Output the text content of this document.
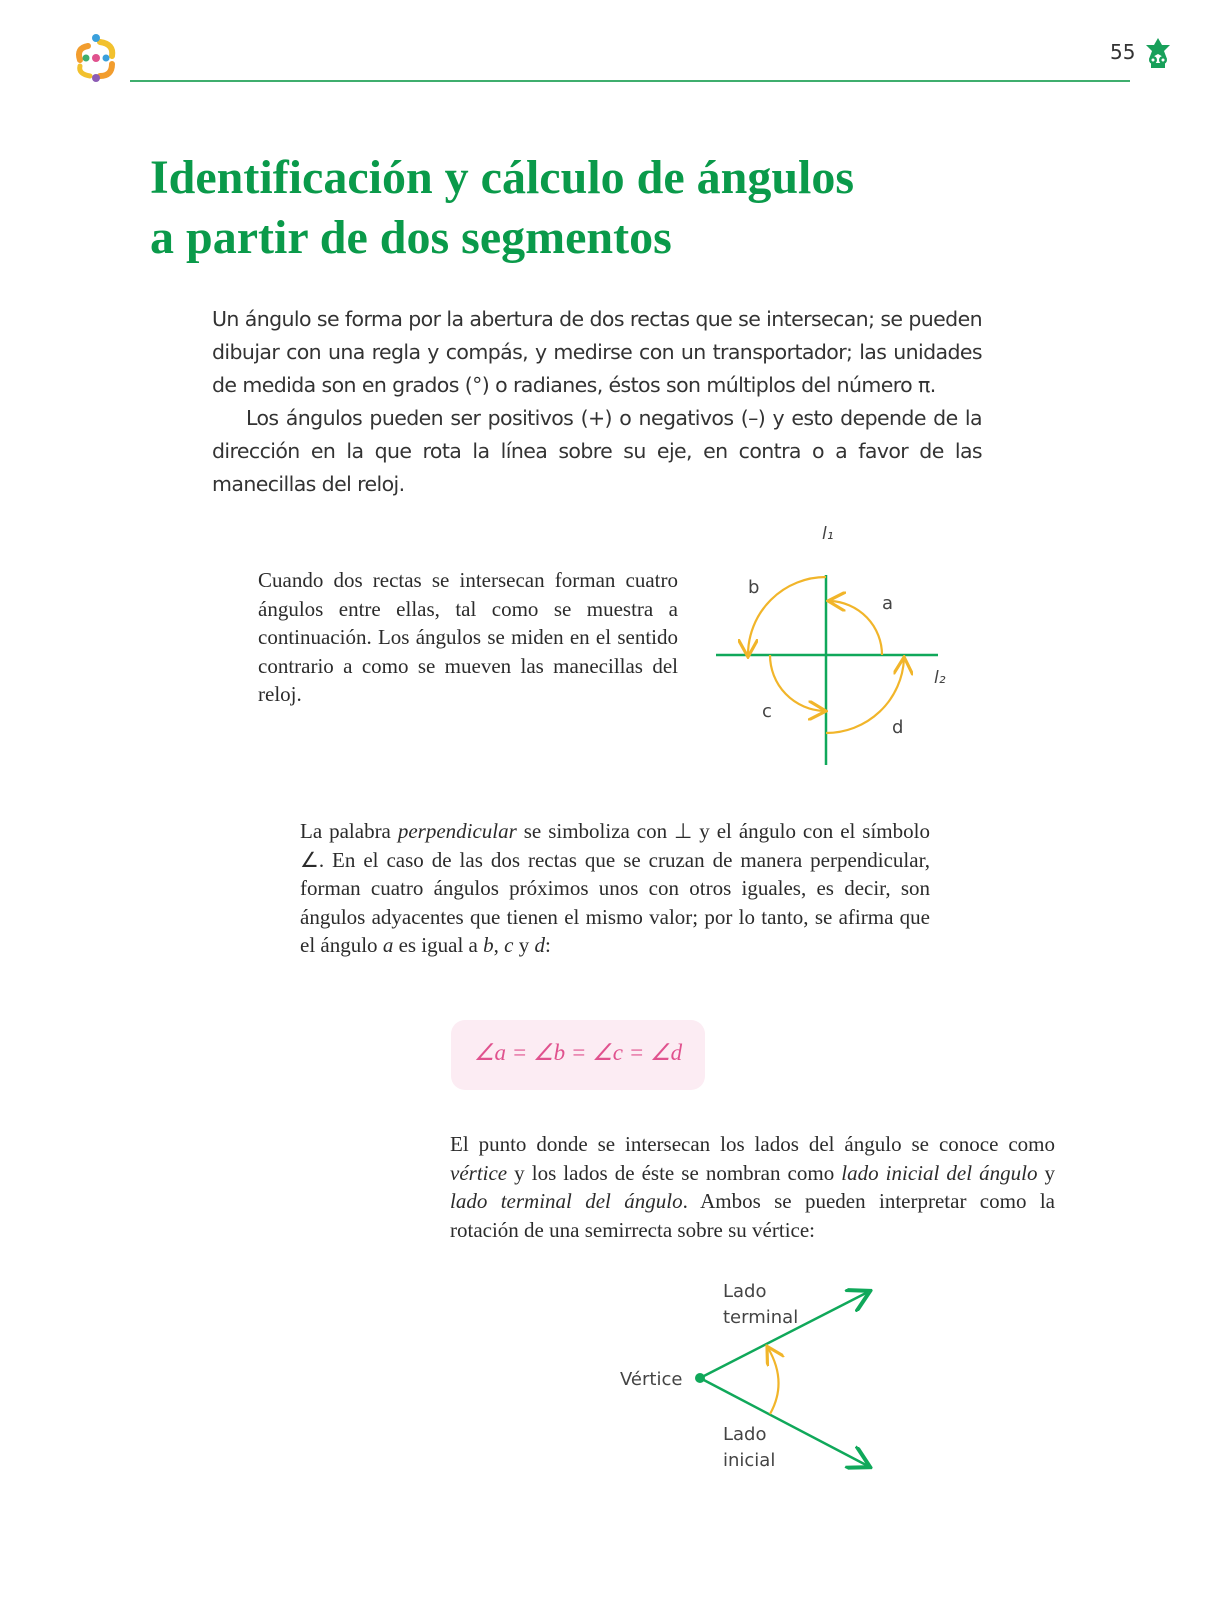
55
Identificación y cálculo de ángulos
a partir de dos segmentos

Un ángulo se forma por la abertura de dos rectas que se intersecan; se pueden dibujar con una regla y compás, y medirse con un transportador; las unidades de medida son en grados (°) o radianes, éstos son múltiplos del número π.

Los ángulos pueden ser positivos (+) o negativos (–) y esto depende de la dirección en la que rota la línea sobre su eje, en contra o a favor de las manecillas del reloj.

Cuando dos rectas se intersecan forman cuatro ángulos entre ellas, tal como se muestra a continuación. Los ángulos se miden en el sentido contrario a como se mueven las manecillas del reloj.
l₁
l₂
a
b
c
d
La palabra perpendicular se simboliza con ⊥ y el ángulo con el símbolo ∠. En el caso de las dos rectas que se cruzan de manera perpendicular, forman cuatro ángulos próximos unos con otros iguales, es decir, son ángulos adyacentes que tienen el mismo valor; por lo tanto, se afirma que el ángulo a es igual a b, c y d:
∠a = ∠b = ∠c = ∠d
El punto donde se intersecan los lados del ángulo se conoce como vértice y los lados de éste se nombran como lado inicial del ángulo y lado terminal del ángulo. Ambos se pueden interpretar como la rotación de una semirrecta sobre su vértice:
Vértice
Lado
terminal
Lado
inicial
